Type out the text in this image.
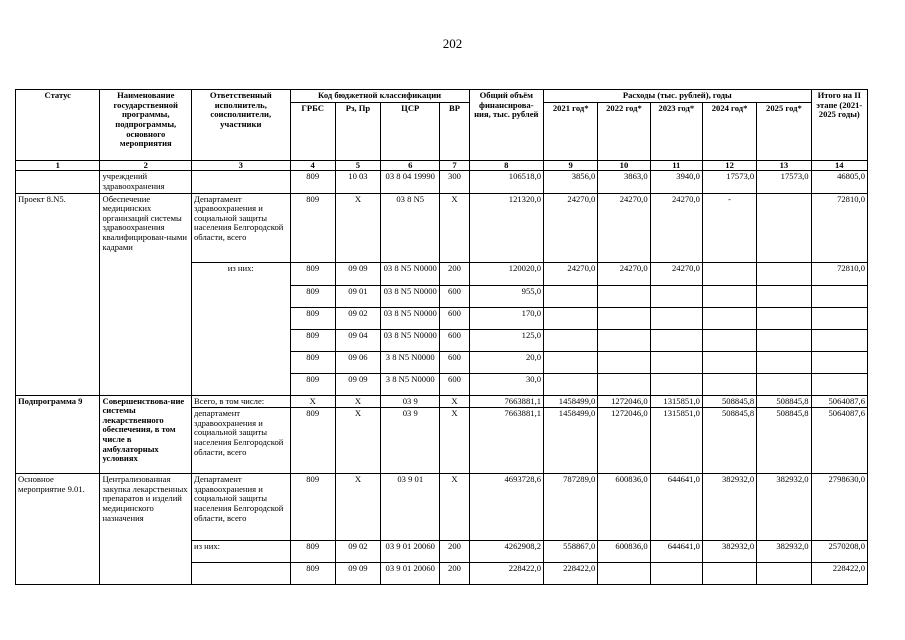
202
Статус	Наименование государственной программы, подпрограммы, основного мероприятия	Ответственный исполнитель, соисполнители, участники	Код бюджетной классификации				Общий объём финансирова-ния, тыс. рублей	Расходы (тыс. рублей), годы					Итого на II этапе (2021-2025 годы)
			ГРБС	Рз, Пр	ЦСР	ВР		2021 год*	2022 год*	2023 год*	2024 год*	2025 год*	
1	2	3	4	5	6	7	8	9	10	11	12	13	14
	учреждений здравоохранения		809	10 03	03 8 04 19990	300	106518,0	3856,0	3863,0	3940,0	17573,0	17573,0	46805,0
Проект 8.N5.	Обеспечение медицинских организаций системы здравоохранения квалифицирован-ными кадрами	Департамент здравоохранения и социальной защиты населения Белгородской области, всего	809	Х	03 8 N5	Х	121320,0	24270,0	24270,0	24270,0	-		72810,0
		из них:	809	09 09	03 8 N5 N0000	200	120020,0	24270,0	24270,0	24270,0			72810,0
			809	09 01	03 8 N5 N0000	600	955,0						
			809	09 02	03 8 N5 N0000	600	170,0						
			809	09 04	03 8 N5 N0000	600	125,0						
			809	09 06	3 8 N5 N0000	600	20,0						
			809	09 09	3 8 N5 N0000	600	30,0						
Подпрограмма 9	Совершенствова-ние системы лекарственного обеспечения, в том числе в амбулаторных условиях	Всего, в том числе:	Х	Х	03 9	Х	7663881,1	1458499,0	1272046,0	1315851,0	508845,8	508845,8	5064087,6
		департамент здравоохранения и социальной защиты населения Белгородской области, всего	809	Х	03 9	Х	7663881,1	1458499,0	1272046,0	1315851,0	508845,8	508845,8	5064087,6
Основное мероприятие 9.01.	Централизованная закупка лекарственных препаратов и изделий медицинского назначения	Департамент здравоохранения и социальной защиты населения Белгородской области, всего	809	Х	03 9 01	Х	4693728,6	787289,0	600836,0	644641,0	382932,0	382932,0	2798630,0
		из них:	809	09 02	03 9 01 20060	200	4262908,2	558867,0	600836,0	644641,0	382932,0	382932,0	2570208,0
			809	09 09	03 9 01 20060	200	228422,0	228422,0					228422,0
